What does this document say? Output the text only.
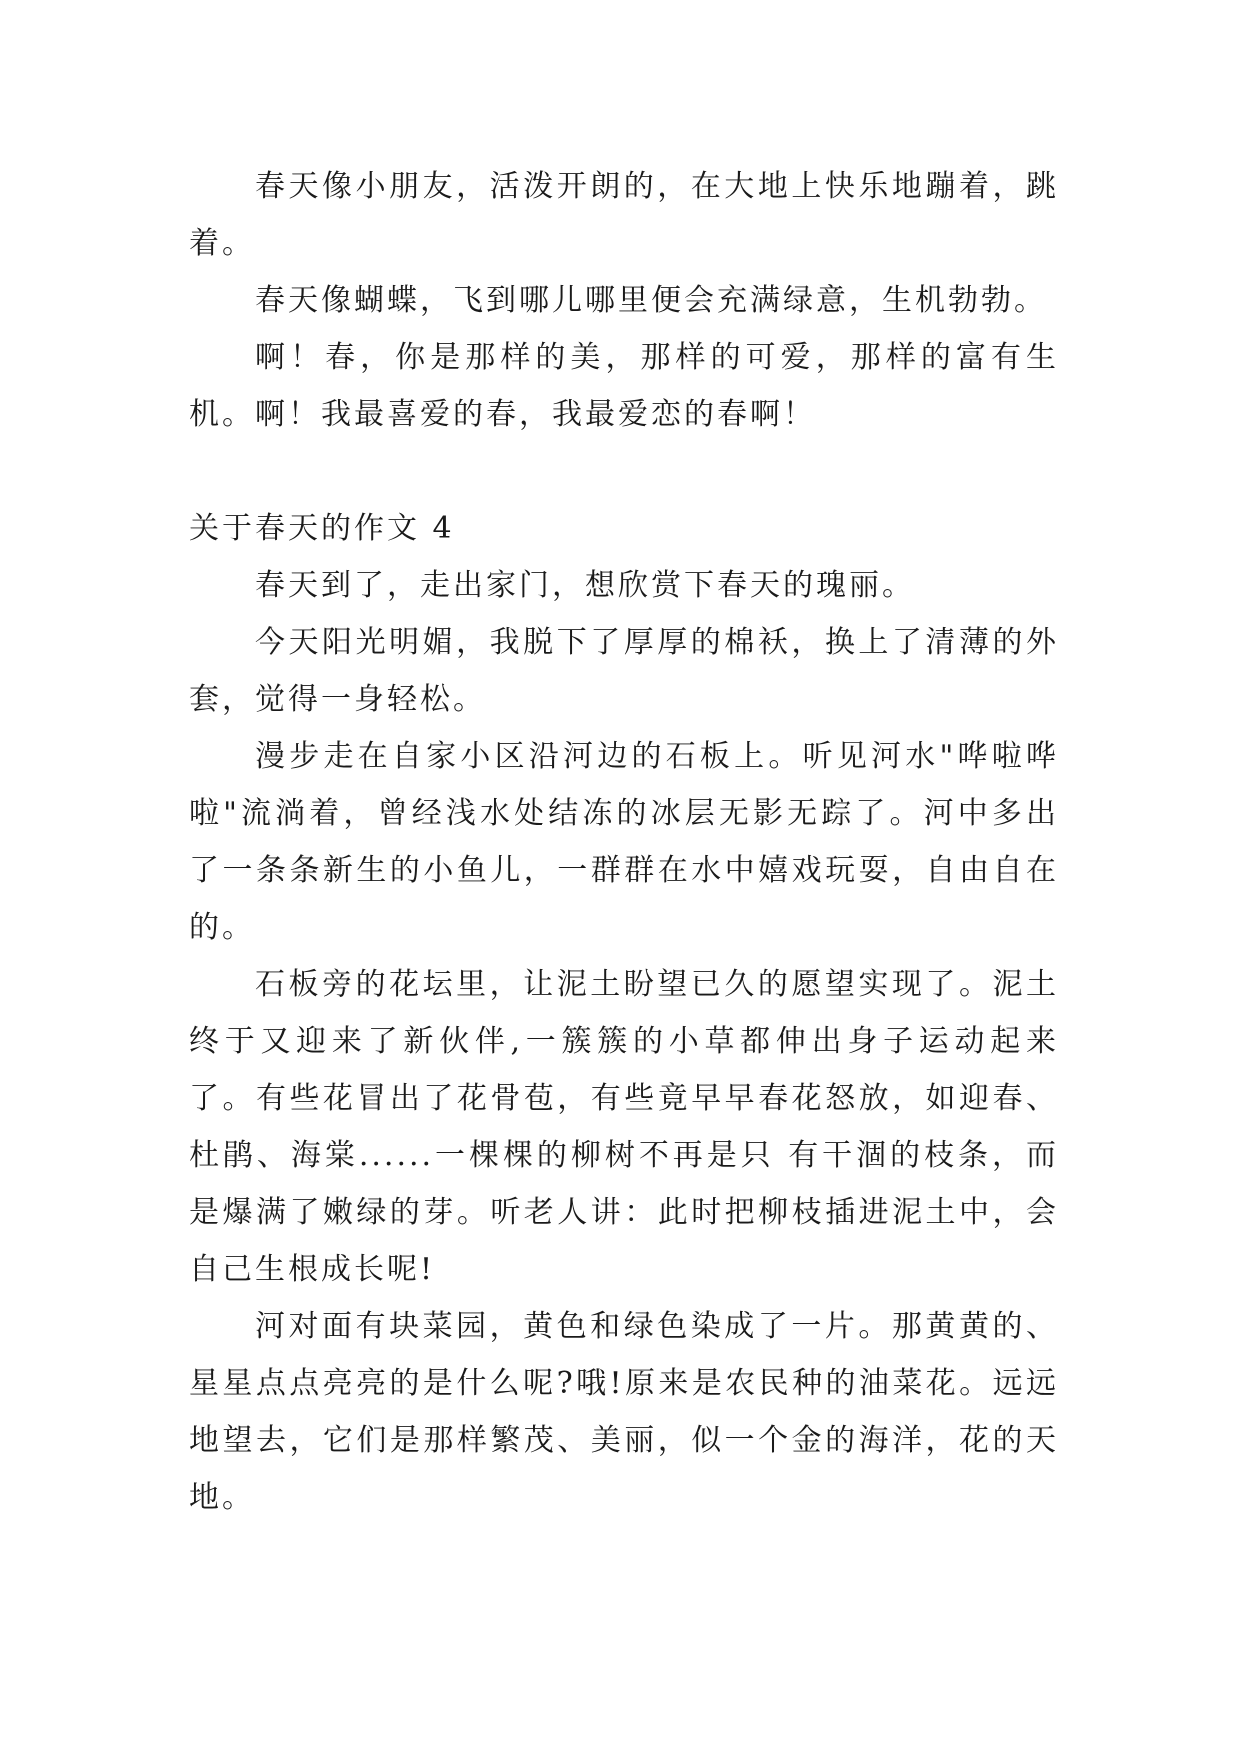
春天像小朋友，活泼开朗的，在大地上快乐地蹦着，跳着。

春天像蝴蝶，飞到哪儿哪里便会充满绿意，生机勃勃。

啊！春，你是那样的美，那样的可爱，那样的富有生机。啊！我最喜爱的春，我最爱恋的春啊！

关于春天的作文 4

春天到了，走出家门，想欣赏下春天的瑰丽。

今天阳光明媚，我脱下了厚厚的棉袄，换上了清薄的外套，觉得一身轻松。

漫步走在自家小区沿河边的石板上。听见河水"哗啦哗啦"流淌着，曾经浅水处结冻的冰层无影无踪了。河中多出了一条条新生的小鱼儿，一群群在水中嬉戏玩耍，自由自在的。

石板旁的花坛里，让泥土盼望已久的愿望实现了。泥土终于又迎来了新伙伴,一簇簇的小草都伸出身子运动起来了。有些花冒出了花骨苞，有些竟早早春花怒放，如迎春、杜鹃、海棠......一棵棵的柳树不再是只 有干涸的枝条，而是爆满了嫩绿的芽。听老人讲：此时把柳枝插进泥土中，会自己生根成长呢!

河对面有块菜园，黄色和绿色染成了一片。那黄黄的、星星点点亮亮的是什么呢?哦!原来是农民种的油菜花。远远地望去，它们是那样繁茂、美丽，似一个金的海洋，花的天地。
